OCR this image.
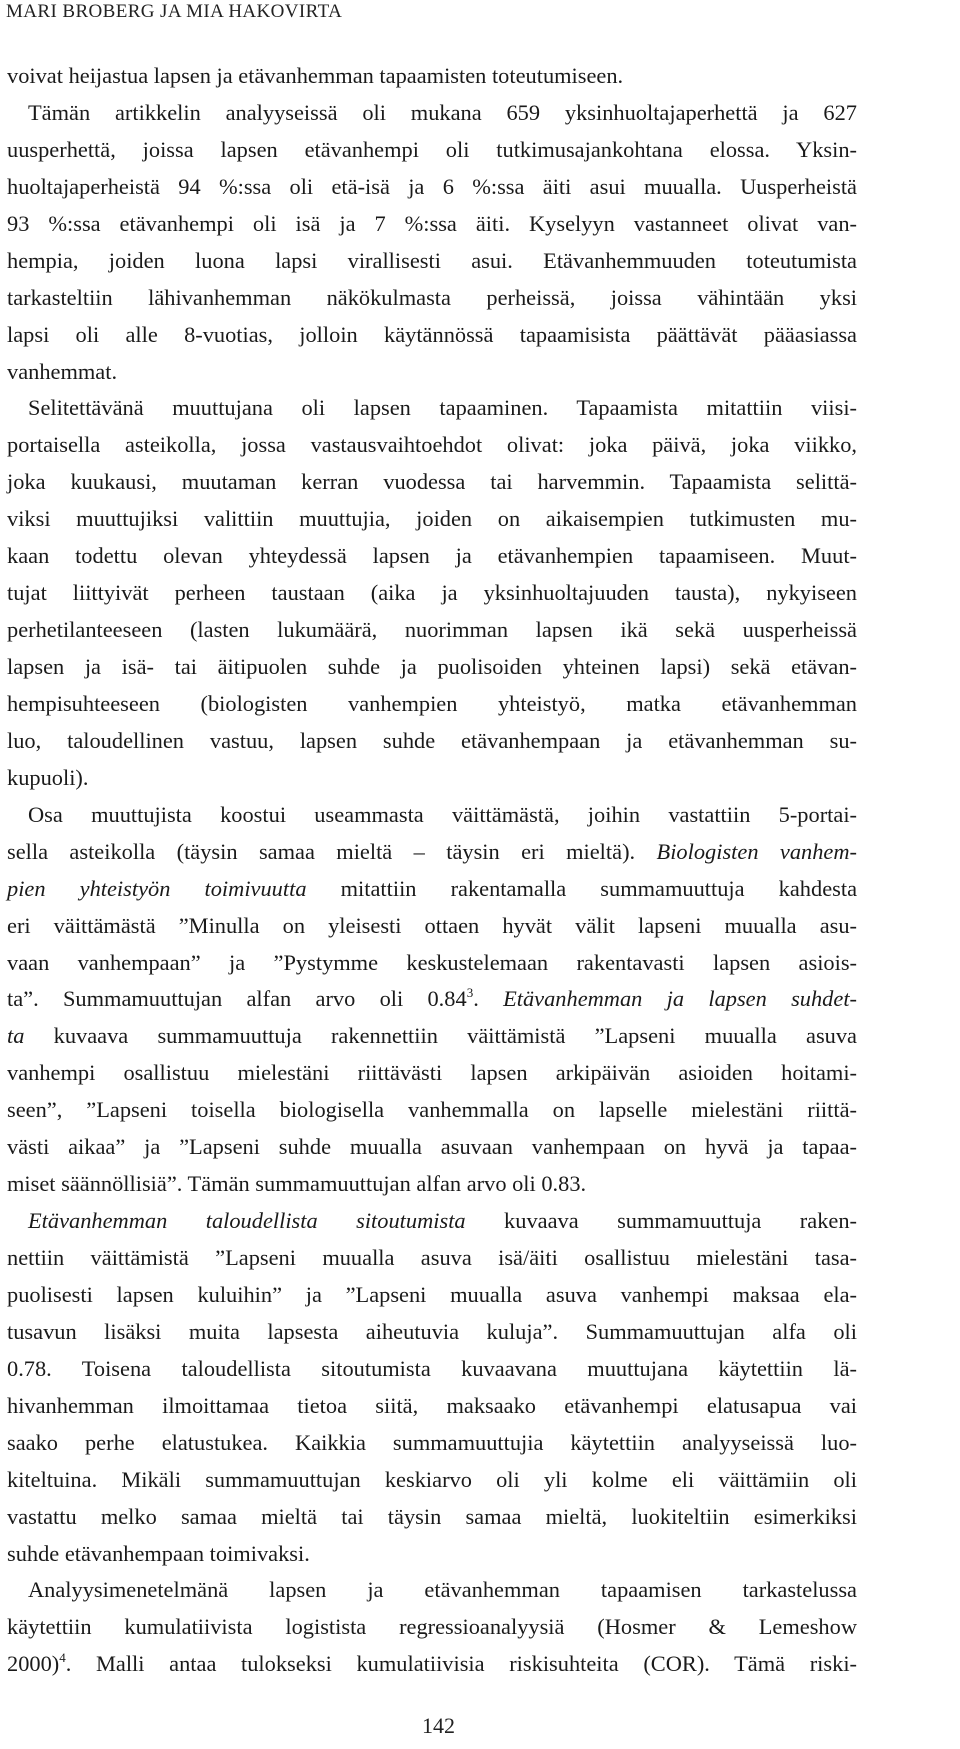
MARI BROBERG JA MIA HAKOVIRTA
voivat heijastua lapsen ja etävanhemman tapaamisten toteutumiseen.
Tämän artikkelin analyyseissä oli mukana 659 yksinhuoltajaperhettä ja 627
uusperhettä, joissa lapsen etävanhempi oli tutkimusajankohtana elossa. Yksin-
huoltajaperheistä 94 %:ssa oli etä-isä ja 6 %:ssa äiti asui muualla. Uusperheistä
93 %:ssa etävanhempi oli isä ja 7 %:ssa äiti. Kyselyyn vastanneet olivat van-
hempia, joiden luona lapsi virallisesti asui. Etävanhemmuuden toteutumista
tarkasteltiin lähivanhemman näkökulmasta perheissä, joissa vähintään yksi
lapsi oli alle 8-vuotias, jolloin käytännössä tapaamisista päättävät pääasiassa
vanhemmat.
Selitettävänä muuttujana oli lapsen tapaaminen. Tapaamista mitattiin viisi-
portaisella asteikolla, jossa vastausvaihtoehdot olivat: joka päivä, joka viikko,
joka kuukausi, muutaman kerran vuodessa tai harvemmin. Tapaamista selittä-
viksi muuttujiksi valittiin muuttujia, joiden on aikaisempien tutkimusten mu-
kaan todettu olevan yhteydessä lapsen ja etävanhempien tapaamiseen. Muut-
tujat liittyivät perheen taustaan (aika ja yksinhuoltajuuden tausta), nykyiseen
perhetilanteeseen (lasten lukumäärä, nuorimman lapsen ikä sekä uusperheissä
lapsen ja isä- tai äitipuolen suhde ja puolisoiden yhteinen lapsi) sekä etävan-
hempisuhteeseen (biologisten vanhempien yhteistyö, matka etävanhemman
luo, taloudellinen vastuu, lapsen suhde etävanhempaan ja etävanhemman su-
kupuoli).
Osa muuttujista koostui useammasta väittämästä, joihin vastattiin 5-portai-
sella asteikolla (täysin samaa mieltä – täysin eri mieltä). Biologisten vanhem-
pien yhteistyön toimivuutta mitattiin rakentamalla summamuuttuja kahdesta
eri väittämästä ”Minulla on yleisesti ottaen hyvät välit lapseni muualla asu-
vaan vanhempaan” ja ”Pystymme keskustelemaan rakentavasti lapsen asiois-
ta”. Summamuuttujan alfan arvo oli 0.84$^3$. Etävanhemman ja lapsen suhdet-
ta kuvaava summamuuttuja rakennettiin väittämistä ”Lapseni muualla asuva
vanhempi osallistuu mielestäni riittävästi lapsen arkipäivän asioiden hoitami-
seen”, ”Lapseni toisella biologisella vanhemmalla on lapselle mielestäni riittä-
västi aikaa” ja ”Lapseni suhde muualla asuvaan vanhempaan on hyvä ja tapaa-
miset säännöllisiä”. Tämän summamuuttujan alfan arvo oli 0.83.
Etävanhemman taloudellista sitoutumista kuvaava summamuuttuja raken-
nettiin väittämistä ”Lapseni muualla asuva isä/äiti osallistuu mielestäni tasa-
puolisesti lapsen kuluihin” ja ”Lapseni muualla asuva vanhempi maksaa ela-
tusavun lisäksi muita lapsesta aiheutuvia kuluja”. Summamuuttujan alfa oli
0.78. Toisena taloudellista sitoutumista kuvaavana muuttujana käytettiin lä-
hivanhemman ilmoittamaa tietoa siitä, maksaako etävanhempi elatusapua vai
saako perhe elatustukea. Kaikkia summamuuttujia käytettiin analyyseissä luo-
kiteltuina. Mikäli summamuuttujan keskiarvo oli yli kolme eli väittämiin oli
vastattu melko samaa mieltä tai täysin samaa mieltä, luokiteltiin esimerkiksi
suhde etävanhempaan toimivaksi.
Analyysimenetelmänä lapsen ja etävanhemman tapaamisen tarkastelussa
käytettiin kumulatiivista logistista regressioanalyysiä (Hosmer & Lemeshow
2000)$^4$. Malli antaa tulokseksi kumulatiivisia riskisuhteita (COR). Tämä riski-
142
